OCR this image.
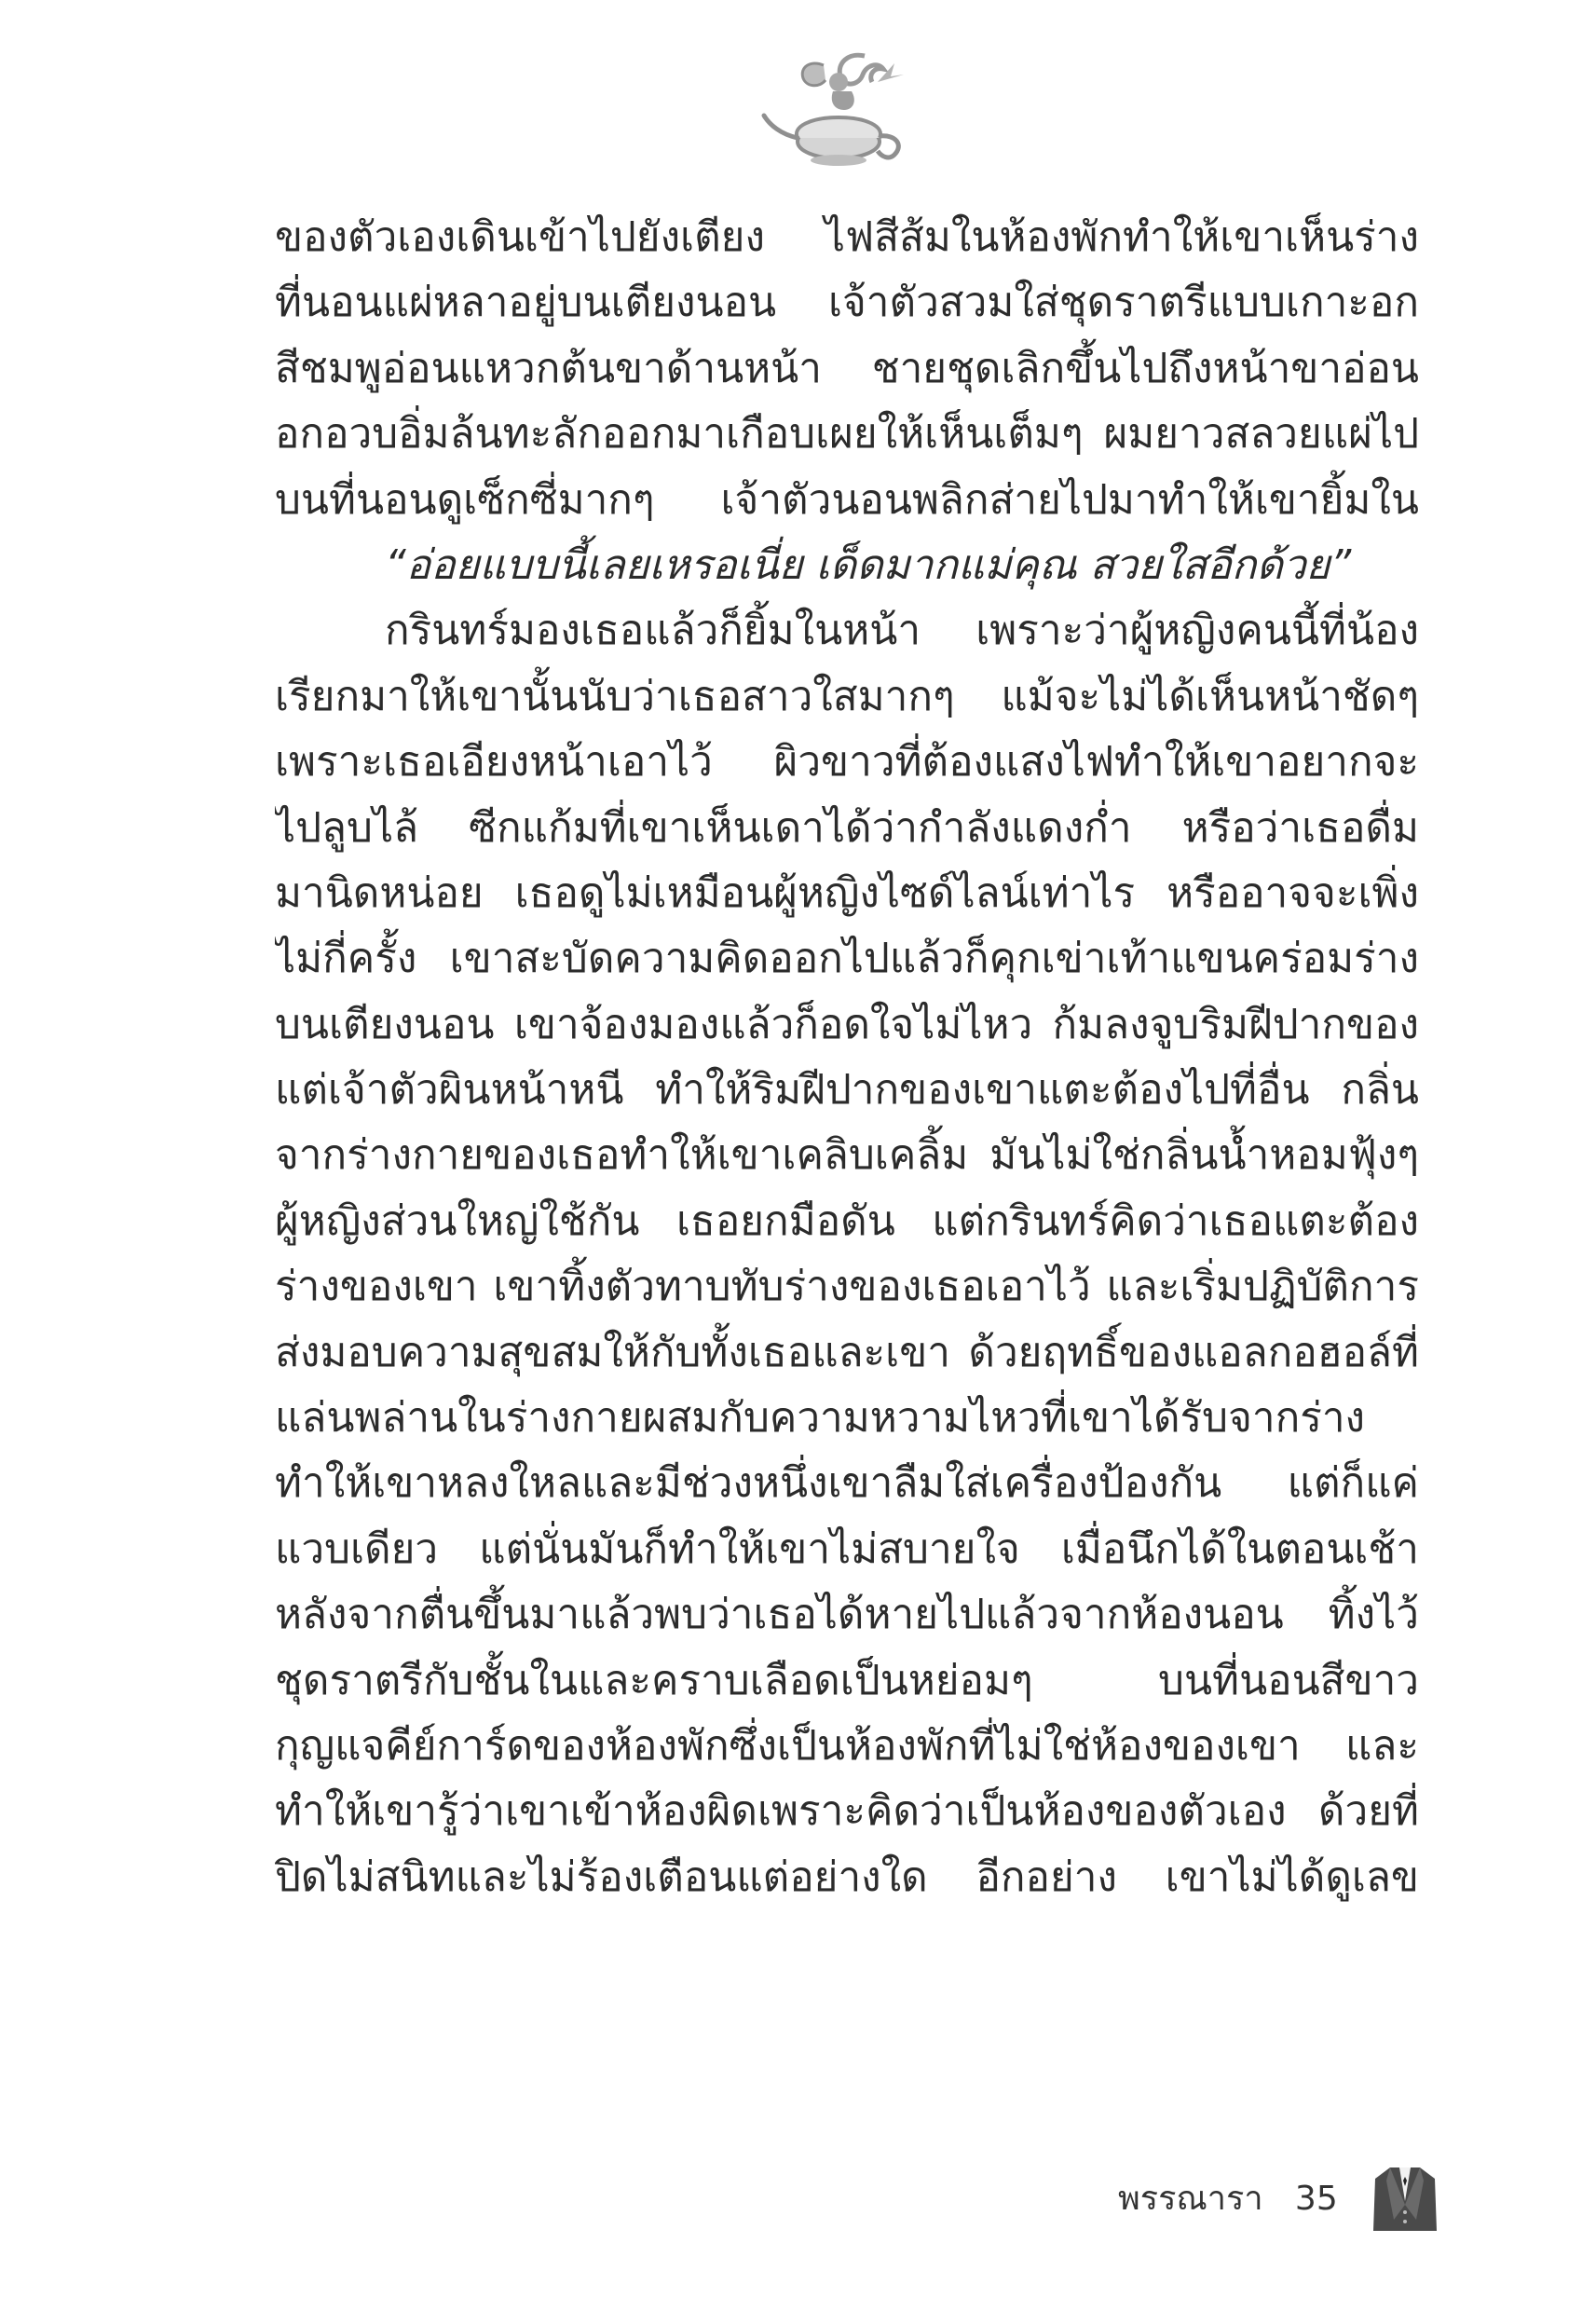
ของตัวเองเดินเข้าไปยังเตียง ไฟสีส้มในห้องพักทำให้เขาเห็นร่าง
ที่นอนแผ่หลาอยู่บนเตียงนอน เจ้าตัวสวมใส่ชุดราตรีแบบเกาะอก
สีชมพูอ่อนแหวกต้นขาด้านหน้า ชายชุดเลิกขึ้นไปถึงหน้าขาอ่อน
อกอวบอิ่มล้นทะลักออกมาเกือบเผยให้เห็นเต็มๆ ผมยาวสลวยแผ่ไป
บนที่นอนดูเซ็กซี่มากๆ เจ้าตัวนอนพลิกส่ายไปมาทำให้เขายิ้มใน
“อ่อยแบบนี้เลยเหรอเนี่ย เด็ดมากแม่คุณ สวยใสอีกด้วย”
กรินทร์มองเธอแล้วก็ยิ้มในหน้า เพราะว่าผู้หญิงคนนี้ที่น้อง
เรียกมาให้เขานั้นนับว่าเธอสาวใสมากๆ แม้จะไม่ได้เห็นหน้าชัดๆ
เพราะเธอเอียงหน้าเอาไว้ ผิวขาวที่ต้องแสงไฟทำให้เขาอยากจะ
ไปลูบไล้ ซีกแก้มที่เขาเห็นเดาได้ว่ากำลังแดงก่ำ หรือว่าเธอดื่ม
มานิดหน่อย เธอดูไม่เหมือนผู้หญิงไซด์ไลน์เท่าไร หรืออาจจะเพิ่ง
ไม่กี่ครั้ง เขาสะบัดความคิดออกไปแล้วก็คุกเข่าเท้าแขนคร่อมร่าง
บนเตียงนอน เขาจ้องมองแล้วก็อดใจไม่ไหว ก้มลงจูบริมฝีปากของ
แต่เจ้าตัวผินหน้าหนี ทำให้ริมฝีปากของเขาแตะต้องไปที่อื่น กลิ่น
จากร่างกายของเธอทำให้เขาเคลิบเคลิ้ม มันไม่ใช่กลิ่นน้ำหอมฟุ้งๆ
ผู้หญิงส่วนใหญ่ใช้กัน เธอยกมือดัน แต่กรินทร์คิดว่าเธอแตะต้อง
ร่างของเขา เขาทิ้งตัวทาบทับร่างของเธอเอาไว้ และเริ่มปฏิบัติการ
ส่งมอบความสุขสมให้กับทั้งเธอและเขา ด้วยฤทธิ์ของแอลกอฮอล์ที่
แล่นพล่านในร่างกายผสมกับความหวามไหวที่เขาได้รับจากร่าง
ทำให้เขาหลงใหลและมีช่วงหนึ่งเขาลืมใส่เครื่องป้องกัน แต่ก็แค่
แวบเดียว แต่นั่นมันก็ทำให้เขาไม่สบายใจ เมื่อนึกได้ในตอนเช้า
หลังจากตื่นขึ้นมาแล้วพบว่าเธอได้หายไปแล้วจากห้องนอน ทิ้งไว้
ชุดราตรีกับชั้นในและคราบเลือดเป็นหย่อมๆ บนที่นอนสีขาว
กุญแจคีย์การ์ดของห้องพักซึ่งเป็นห้องพักที่ไม่ใช่ห้องของเขา และ
ทำให้เขารู้ว่าเขาเข้าห้องผิดเพราะคิดว่าเป็นห้องของตัวเอง ด้วยที่
ปิดไม่สนิทและไม่ร้องเตือนแต่อย่างใด อีกอย่าง เขาไม่ได้ดูเลข
พรรณารา 35
